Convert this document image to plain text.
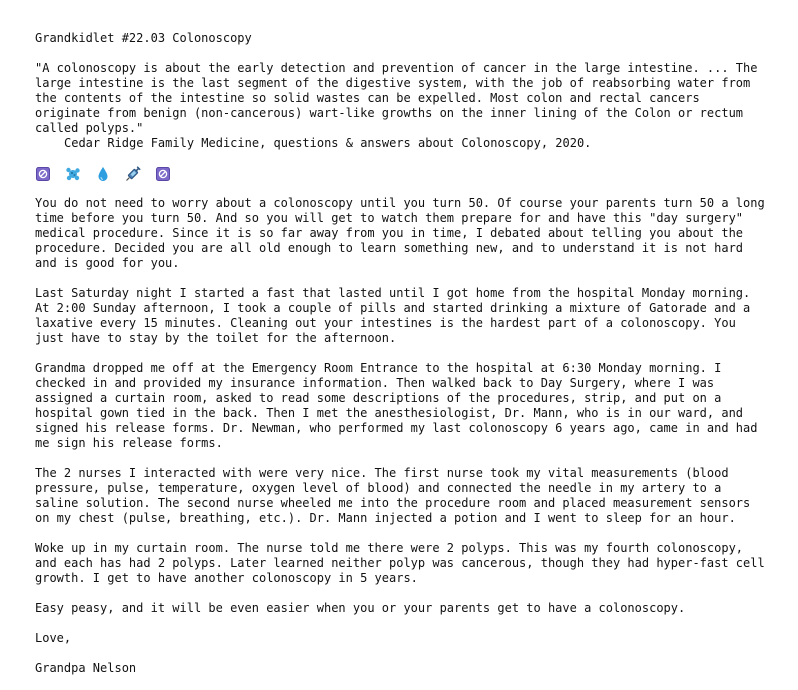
Grandkidlet #22.03 Colonoscopy
"A colonoscopy is about the early detection and prevention of cancer in the large intestine. ... The large intestine is the last segment of the digestive system, with the job of reabsorbing water from the contents of the intestine so solid wastes can be expelled. Most colon and rectal cancers originate from benign (non-cancerous) wart-like growths on the inner lining of the Colon or rectum called polyps."
Cedar Ridge Family Medicine, questions & answers about Colonoscopy, 2020.

You do not need to worry about a colonoscopy until you turn 50. Of course your parents turn 50 a long time before you turn 50. And so you will get to watch them prepare for and have this "day surgery" medical procedure. Since it is so far away from you in time, I debated about telling you about the procedure. Decided you are all old enough to learn something new, and to understand it is not hard and is good for you.

Last Saturday night I started a fast that lasted until I got home from the hospital Monday morning. At 2:00 Sunday afternoon, I took a couple of pills and started drinking a mixture of Gatorade and a laxative every 15 minutes. Cleaning out your intestines is the hardest part of a colonoscopy. You just have to stay by the toilet for the afternoon.

Grandma dropped me off at the Emergency Room Entrance to the hospital at 6:30 Monday morning. I checked in and provided my insurance information. Then walked back to Day Surgery, where I was assigned a curtain room, asked to read some descriptions of the procedures, strip, and put on a hospital gown tied in the back. Then I met the anesthesiologist, Dr. Mann, who is in our ward, and signed his release forms. Dr. Newman, who performed my last colonoscopy 6 years ago, came in and had me sign his release forms.

The 2 nurses I interacted with were very nice. The first nurse took my vital measurements (blood pressure, pulse, temperature, oxygen level of blood) and connected the needle in my artery to a saline solution. The second nurse wheeled me into the procedure room and placed measurement sensors on my chest (pulse, breathing, etc.). Dr. Mann injected a potion and I went to sleep for an hour.

Woke up in my curtain room. The nurse told me there were 2 polyps. This was my fourth colonoscopy, and each has had 2 polyps. Later learned neither polyp was cancerous, though they had hyper-fast cell growth. I get to have another colonoscopy in 5 years.

Easy peasy, and it will be even easier when you or your parents get to have a colonoscopy.

Love,

Grandpa Nelson
